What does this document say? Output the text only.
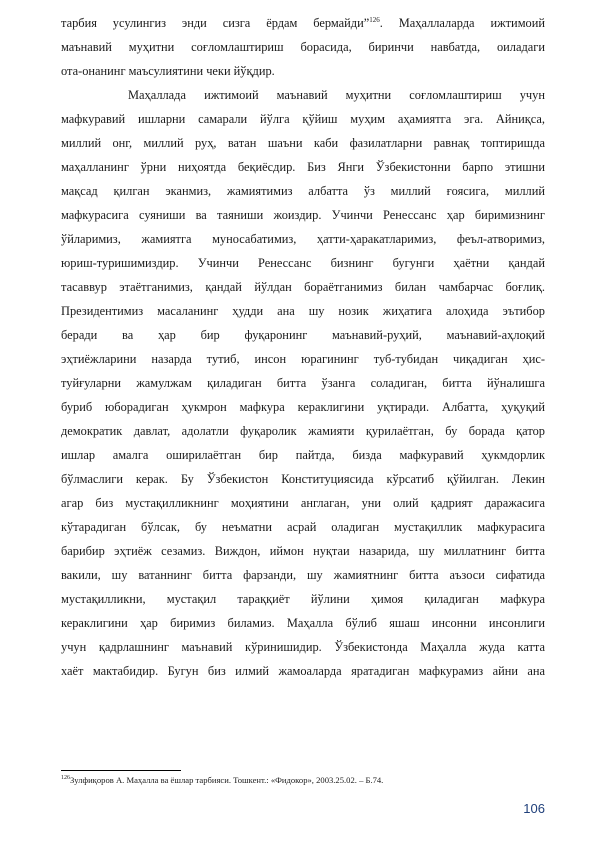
тарбия усулингиз энди сизга ёрдам бермайди”$^{126}$. Маҳаллаларда ижтимоий
маънавий муҳитни соғломлаштириш борасида, биринчи навбатда, оиладаги
ота-онанинг маъсулиятини чеки йўқдир.
Маҳаллада ижтимоий маънавий муҳитни соғломлаштириш учун
мафкуравий ишларни самарали йўлга қўйиш муҳим аҳамиятга эга. Айниқса,
миллий онг, миллий руҳ, ватан шаъни каби фазилатларни равнақ топтиришда
маҳалланинг ўрни ниҳоятда беқиёсдир. Биз Янги Ўзбекистонни барпо этишни
мақсад қилган эканмиз, жамиятимиз албатта ўз миллий ғоясига, миллий
мафкурасига суяниши ва таяниши жоиздир. Учинчи Ренессанс ҳар биримизнинг
ўйларимиз, жамиятга муносабатимиз, ҳатти-ҳаракатларимиз, феъл-атворимиз,
юриш-туришимиздир. Учинчи Ренессанс бизнинг бугунги ҳаётни қандай
тасаввур этаётганимиз, қандай йўлдан бораётганимиз билан чамбарчас боғлиқ.
Президентимиз масаланинг ҳудди ана шу нозик жиҳатига алоҳида эътибор
беради ва ҳар бир фуқаронинг маънавий-руҳий, маънавий-аҳлоқий
эҳтиёжларини назарда тутиб, инсон юрагининг туб-тубидан чиқадиган ҳис-
туйғуларни жамулжам қиладиган битта ўзанга соладиган, битта йўналишга
буриб юборадиган ҳукмрон мафкура кераклигини уқтиради. Албатта, ҳуқуқий
демократик давлат, адолатли фуқаролик жамияти қурилаётган, бу борада қатор
ишлар амалга оширилаётган бир пайтда, бизда мафкуравий ҳукмдорлик
бўлмаслиги керак. Бу Ўзбекистон Конституциясида кўрсатиб қўйилган. Лекин
агар биз мустақилликнинг моҳиятини англаган, уни олий қадрият даражасига
кўтарадиган бўлсак, бу неъматни асрай оладиган мустақиллик мафкурасига
барибир эҳтиёж сезамиз. Виждон, иймон нуқтаи назарида, шу миллатнинг битта
вакили, шу ватаннинг битта фарзанди, шу жамиятнинг битта аъзоси сифатида
мустақилликни, мустақил тараққиёт йўлини ҳимоя қиладиган мафкура
кераклигини ҳар биримиз биламиз. Маҳалла бўлиб яшаш инсонни инсонлиги
учун қадрлашнинг маънавий кўринишидир. Ўзбекистонда Маҳалла жуда катта
хаёт мактабидир. Бугун биз илмий жамоаларда яратадиган мафкурамиз айни ана
$^{126}$Зулфиқоров А. Маҳалла ва ёшлар тарбияси. Тошкент.: «Фидокор», 2003.25.02. – Б.74.
106
